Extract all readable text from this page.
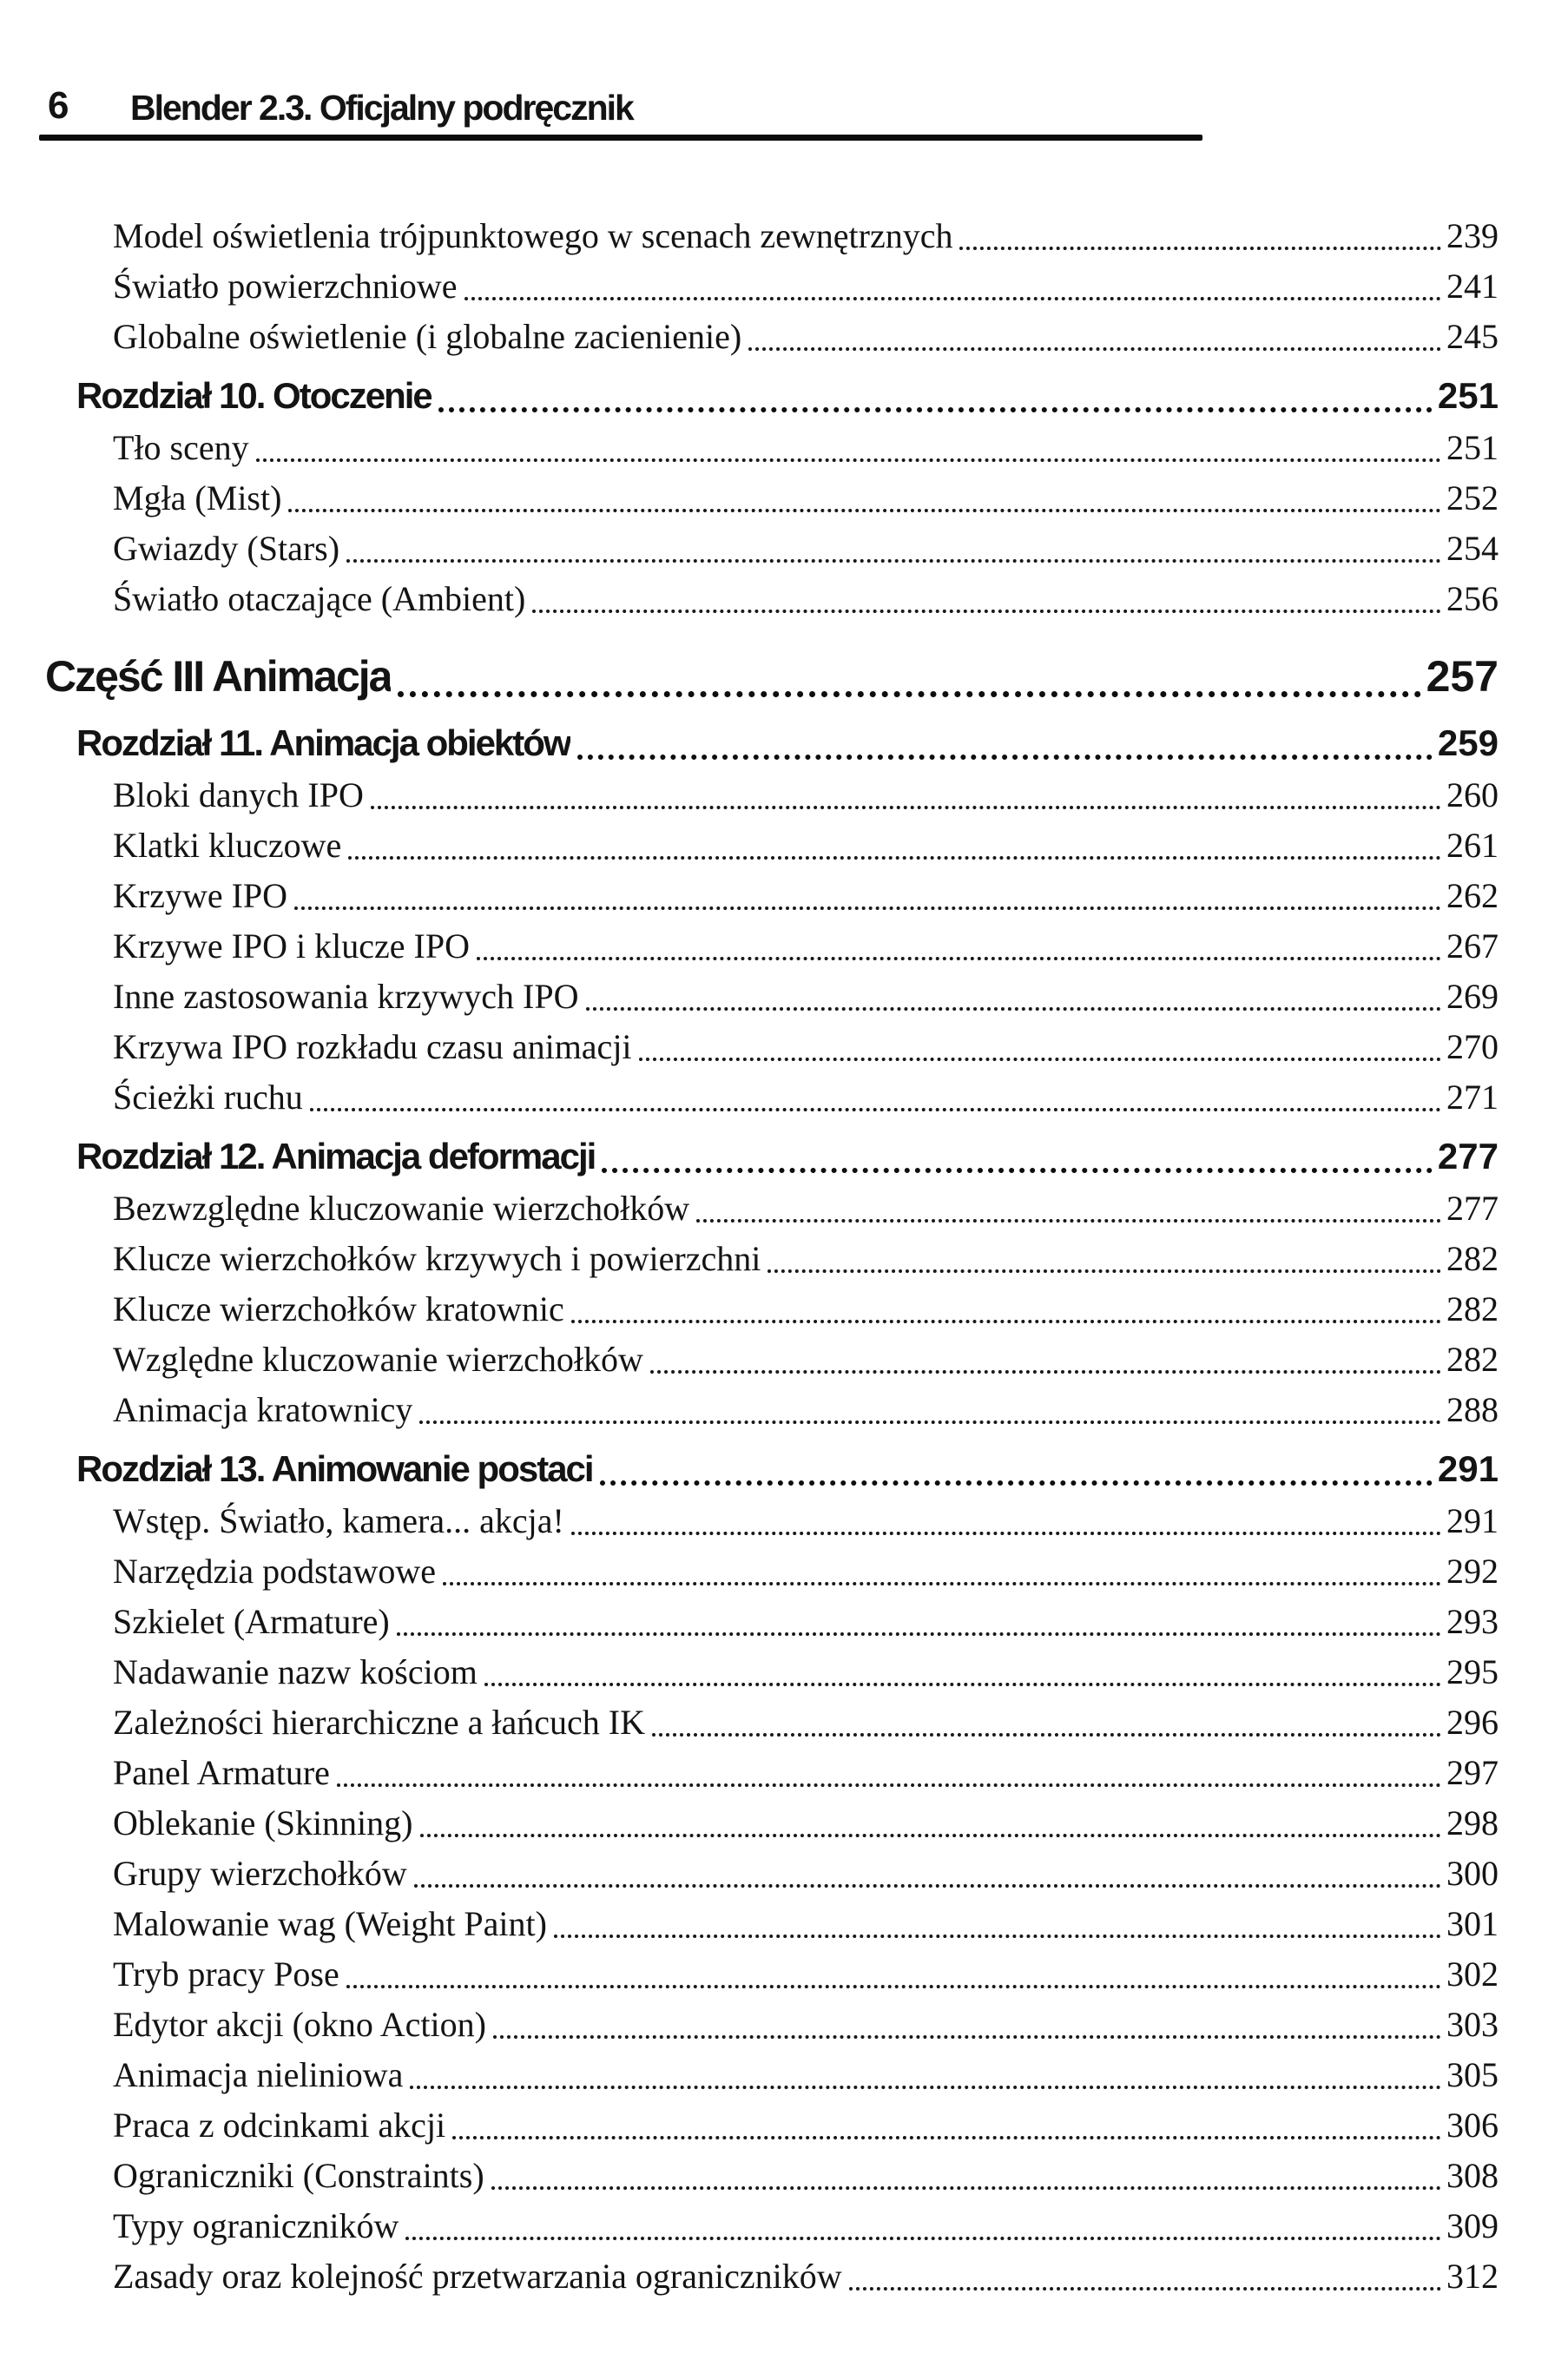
6 Blender 2.3. Oficjalny podręcznik
Model oświetlenia trójpunktowego w scenach zewnętrznych	239
Światło powierzchniowe	241
Globalne oświetlenie (i globalne zacienienie)	245
Rozdział 10. Otoczenie	251
Tło sceny	251
Mgła (Mist)	252
Gwiazdy (Stars)	254
Światło otaczające (Ambient)	256
Część III Animacja	257
Rozdział 11. Animacja obiektów	259
Bloki danych IPO	260
Klatki kluczowe	261
Krzywe IPO	262
Krzywe IPO i klucze IPO	267
Inne zastosowania krzywych IPO	269
Krzywa IPO rozkładu czasu animacji	270
Ścieżki ruchu	271
Rozdział 12. Animacja deformacji	277
Bezwzględne kluczowanie wierzchołków	277
Klucze wierzchołków krzywych i powierzchni	282
Klucze wierzchołków kratownic	282
Względne kluczowanie wierzchołków	282
Animacja kratownicy	288
Rozdział 13. Animowanie postaci	291
Wstęp. Światło, kamera... akcja!	291
Narzędzia podstawowe	292
Szkielet (Armature)	293
Nadawanie nazw kościom	295
Zależności hierarchiczne a łańcuch IK	296
Panel Armature	297
Oblekanie (Skinning)	298
Grupy wierzchołków	300
Malowanie wag (Weight Paint)	301
Tryb pracy Pose	302
Edytor akcji (okno Action)	303
Animacja nieliniowa	305
Praca z odcinkami akcji	306
Ograniczniki (Constraints)	308
Typy ograniczników	309
Zasady oraz kolejność przetwarzania ograniczników	312
